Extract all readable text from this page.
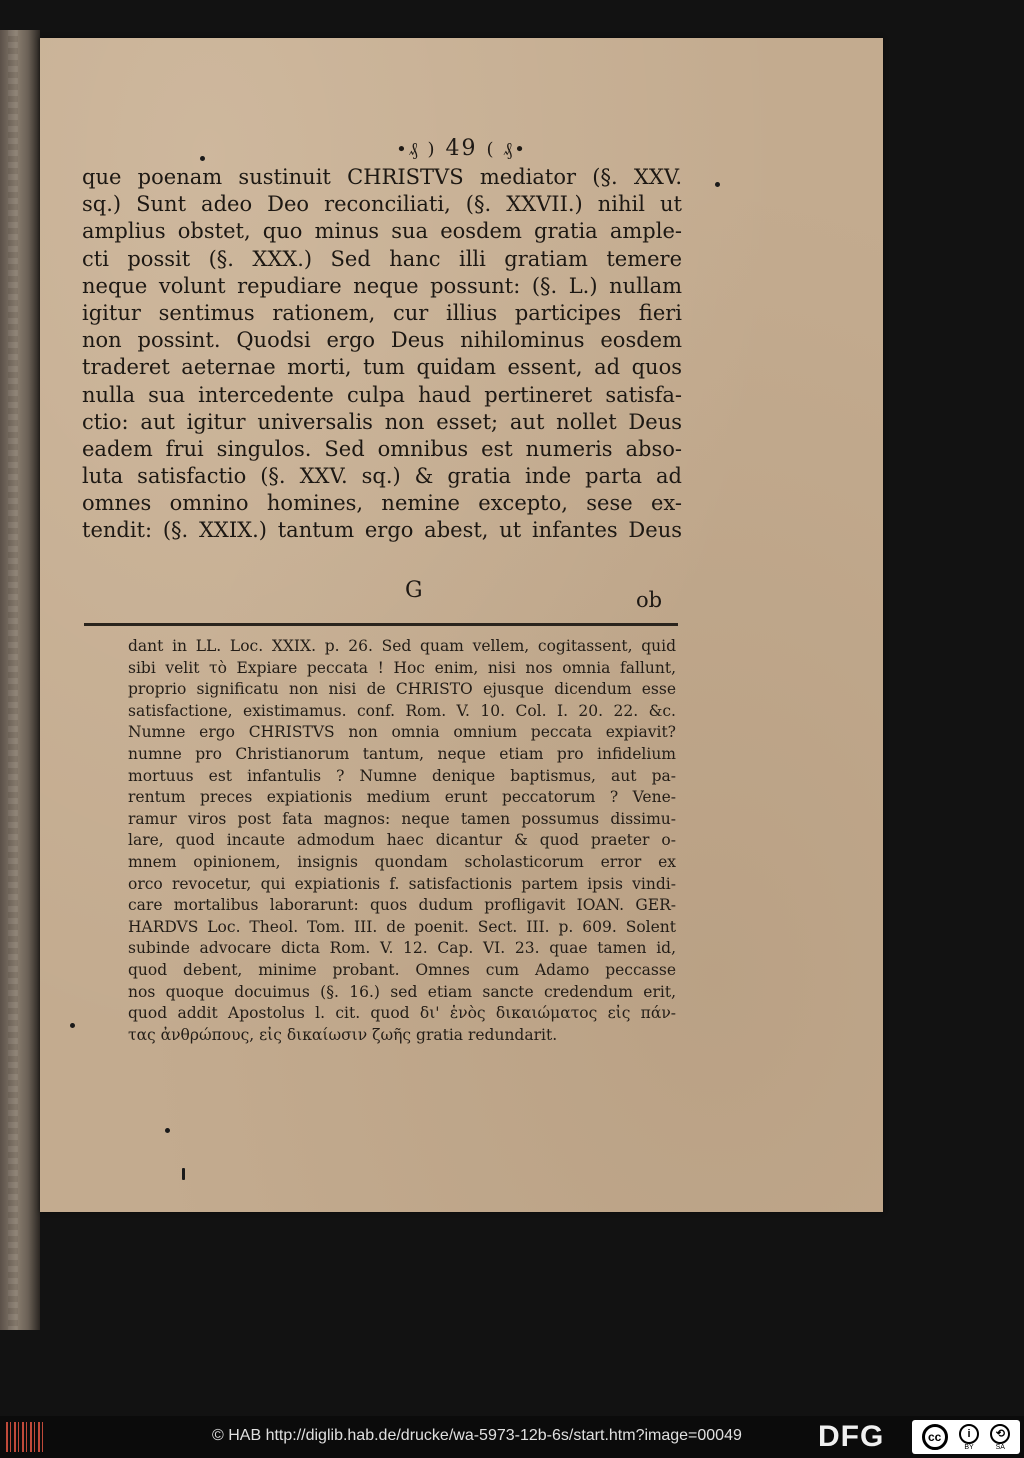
•₰ ) 49 ( ₰•
que poenam sustinuit CHRISTVS mediator (§. XXV.
sq.) Sunt adeo Deo reconciliati, (§. XXVII.) nihil ut
amplius obstet, quo minus sua eosdem gratia ample-
cti possit (§. XXX.) Sed hanc illi gratiam temere
neque volunt repudiare neque possunt: (§. L.) nullam
igitur sentimus rationem, cur illius participes fieri
non possint. Quodsi ergo Deus nihilominus eosdem
traderet aeternae morti, tum quidam essent, ad quos
nulla sua intercedente culpa haud pertineret satisfa-
ctio: aut igitur universalis non esset; aut nollet Deus
eadem frui singulos. Sed omnibus est numeris abso-
luta satisfactio (§. XXV. sq.) & gratia inde parta ad
omnes omnino homines, nemine excepto, sese ex-
tendit: (§. XXIX.) tantum ergo abest, ut infantes Deus
G	ob
dant in LL. Loc. XXIX. p. 26. Sed quam vellem, cogitassent, quid
sibi velit τὸ Expiare peccata ! Hoc enim, nisi nos omnia fallunt,
proprio significatu non nisi de CHRISTO ejusque dicendum esse
satisfactione, existimamus. conf. Rom. V. 10. Col. I. 20. 22. &c.
Numne ergo CHRISTVS non omnia omnium peccata expiavit?
numne pro Christianorum tantum, neque etiam pro infidelium
mortuus est infantulis ? Numne denique baptismus, aut pa-
rentum preces expiationis medium erunt peccatorum ? Vene-
ramur viros post fata magnos: neque tamen possumus dissimu-
lare, quod incaute admodum haec dicantur & quod praeter o-
mnem opinionem, insignis quondam scholasticorum error ex
orco revocetur, qui expiationis f. satisfactionis partem ipsis vindi-
care mortalibus laborarunt: quos dudum profligavit IOAN. GER-
HARDVS Loc. Theol. Tom. III. de poenit. Sect. III. p. 609. Solent
subinde advocare dicta Rom. V. 12. Cap. VI. 23. quae tamen id,
quod debent, minime probant. Omnes cum Adamo peccasse
nos quoque docuimus (§. 16.) sed etiam sancte credendum erit,
quod addit Apostolus l. cit. quod δι' ἑνὸς δικαιώματος εἰς πάν-
τας ἀνθρώπους, εἰς δικαίωσιν ζωῆς gratia redundarit.
© HAB http://diglib.hab.de/drucke/wa-5973-12b-6s/start.htm?image=00049	DFG	cc	i
BY
⟲
SA
